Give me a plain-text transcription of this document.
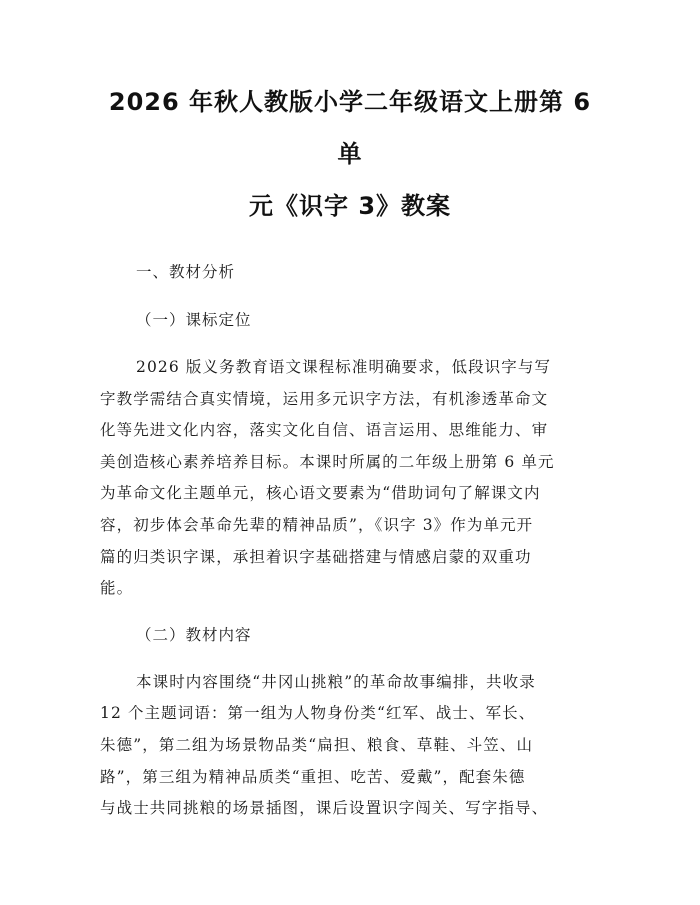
2026 年秋人教版小学二年级语文上册第 6 单
元《识字 3》教案
一、教材分析
（一）课标定位
2026 版义务教育语文课程标准明确要求，低段识字与写
字教学需结合真实情境，运用多元识字方法，有机渗透革命文
化等先进文化内容，落实文化自信、语言运用、思维能力、审
美创造核心素养培养目标。本课时所属的二年级上册第 6 单元
为革命文化主题单元，核心语文要素为“借助词句了解课文内
容，初步体会革命先辈的精神品质”，《识字 3》作为单元开
篇的归类识字课，承担着识字基础搭建与情感启蒙的双重功
能。
（二）教材内容
本课时内容围绕“井冈山挑粮”的革命故事编排，共收录
12 个主题词语：第一组为人物身份类“红军、战士、军长、
朱德”，第二组为场景物品类“扁担、粮食、草鞋、斗笠、山
路”，第三组为精神品质类“重担、吃苦、爱戴”，配套朱德
与战士共同挑粮的场景插图，课后设置识字闯关、写字指导、
